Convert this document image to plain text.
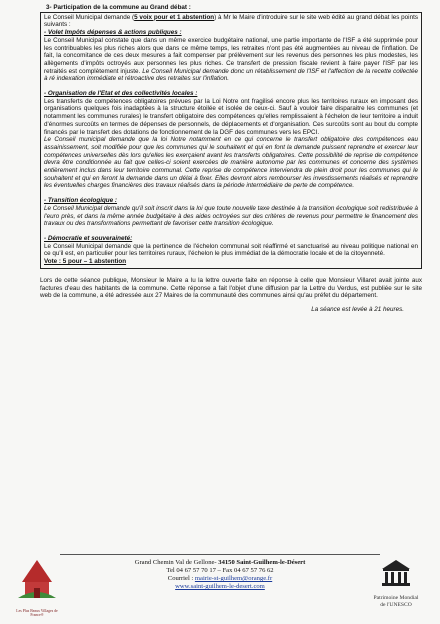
3- Participation de la commune au Grand débat :

Le Conseil Municipal demande (5 voix pour et 1 abstention) à Mr le Maire d'introduire sur le site web édité au grand débat les points suivants :

- Volet Impôts dépenses & actions publiques :

Le Conseil Municipal constate que dans un même exercice budgétaire national, une partie importante de l'ISF a été supprimée pour les contribuables les plus riches alors que dans ce même temps, les retraites n'ont pas été augmentées au niveau de l'inflation. De fait, la concomitance de ces deux mesures a fait compenser par prélèvement sur les revenus des personnes les plus modestes, les allègements d'impôts octroyés aux personnes les plus riches. Ce transfert de pression fiscale revient à faire payer l'ISF par les retraités est complètement injuste. Le Conseil Municipal demande donc un rétablissement de l'ISF et l'affection de la recette collectée à ré indexation immédiate et rétroactive des retraites sur l'inflation.

- Organisation de l'Etat et des collectivités locales :

Les transferts de compétences obligatoires prévues par la Loi Notre ont fragilisé encore plus les territoires ruraux en imposant des organisations quelques fois inadaptées à la structure étoilée et isolée de ceux-ci. Sauf à vouloir faire disparaitre les communes (et notamment les communes rurales) le transfert obligatoire des compétences qu'elles remplissaient à l'échelon de leur territoire a induit d'énormes surcoûts en termes de dépenses de personnels, de déplacements et d'organisation. Ces surcoûts sont au bout du compte financés par le transfert des dotations de fonctionnement de la DGF des communes vers les EPCI.

Le Conseil municipal demande que la loi Notre notamment en ce qui concerne le transfert obligatoire des compétences eau assainissement, soit modifiée pour que les communes qui le souhaitent et qui en font la demande puissent reprendre et exercer leur compétences universelles dès lors qu'elles les exerçaient avant les transferts obligatoires. Cette possibilité de reprise de compétence devra être conditionnée au fait que celles-ci soient exercées de manière autonome par les communes et concerne des systèmes entièrement inclus dans leur territoire communal. Cette reprise de compétence interviendra de plein droit pour les communes qui le souhaitent et qui en feront la demande dans un délai à fixer. Elles devront alors rembourser les investissements réalisés et reprendre les éventuelles charges financières des travaux réalisés dans la période intermédiaire de perte de compétence.

- Transition écologique :

Le Conseil Municipal demande qu'il soit inscrit dans la loi que toute nouvelle taxe destinée à la transition écologique soit redistribuée à l'euro près, et dans la même année budgétaire à des aides octroyées sur des critères de revenus pour permettre le financement des travaux ou des transformations permettant de favoriser cette transition écologique.

- Démocratie et souveraineté:

Le Conseil Municipal demande que la pertinence de l'échelon communal soit réaffirmé et sanctuarisé au niveau politique national en ce qu'il est, en particulier pour les territoires ruraux, l'échelon le plus immédiat de la démocratie locale et de la citoyenneté.

Vote : 5 pour – 1 abstention

Lors de cette séance publique, Monsieur le Maire a lu la lettre ouverte faite en réponse à celle que Monsieur Villaret avait jointe aux factures d'eau des habitants de la commune. Cette réponse a fait l'objet d'une diffusion par la Lettre du Verdus, est publiée sur le site web de la commune, a été adressée aux 27 Maires de la communauté des communes ainsi qu'au préfet du département.

La séance est levée à 21 heures.
Les Plus Beaux Villages de France®
Grand Chemin Val de Gellone- 34150 Saint-Guilhem-le-Désert
Tel 04 67 57 70 17 – Fax 04 67 57 76 62
Courriel : mairie-st-guilhem@orange.fr
www.saint-guilhem-le-desert.com
Patrimoine Mondial
de l'UNESCO
